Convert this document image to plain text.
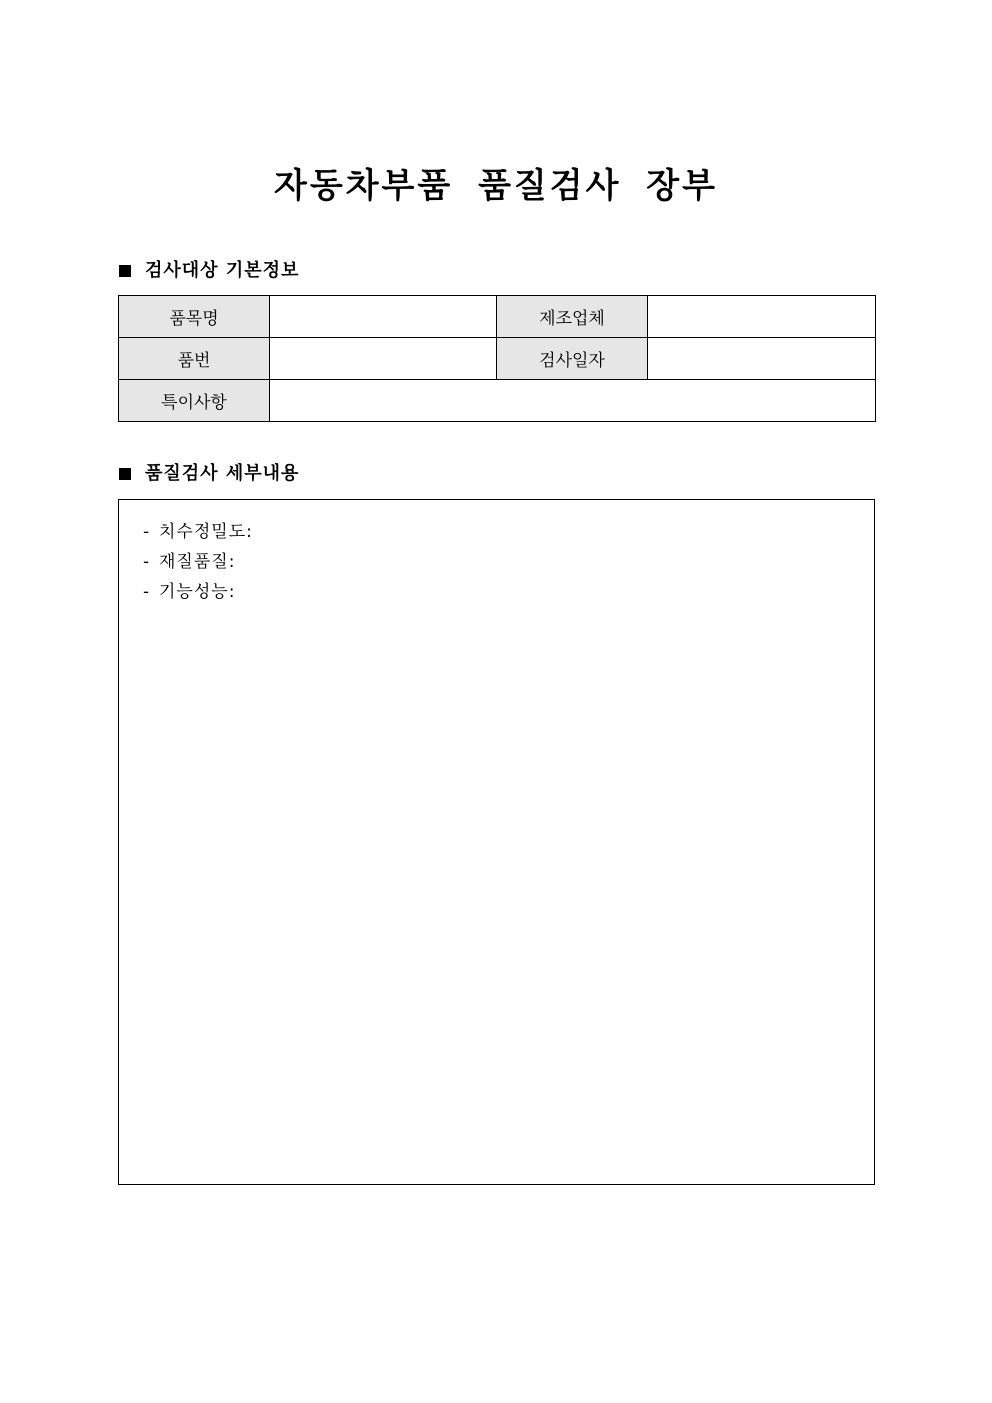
자동차부품 품질검사 장부
검사대상 기본정보
품목명		제조업체	
품번		검사일자	
특이사항			
품질검사 세부내용
- 치수정밀도:
- 재질품질:
- 기능성능:
